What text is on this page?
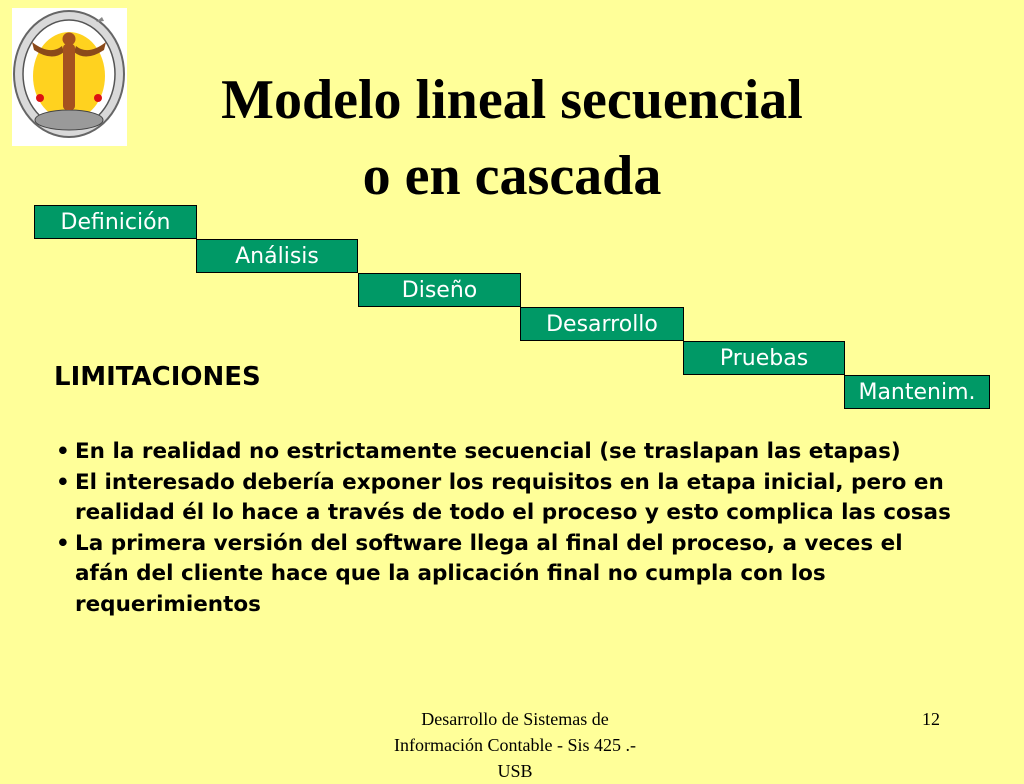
Modelo lineal secuencial
o en cascada
Definición
Análisis
Diseño
Desarrollo
Pruebas
Mantenim.
LIMITACIONES
• En la realidad no estrictamente secuencial (se traslapan las etapas)
• El interesado debería exponer los requisitos en la etapa inicial, pero en realidad él lo hace a través de todo el proceso y esto complica las cosas
• La primera versión del software llega al final del proceso, a veces el afán del cliente hace que la aplicación final no cumpla con los requerimientos
Desarrollo de Sistemas de
Información Contable - Sis 425 .-
USB
12
